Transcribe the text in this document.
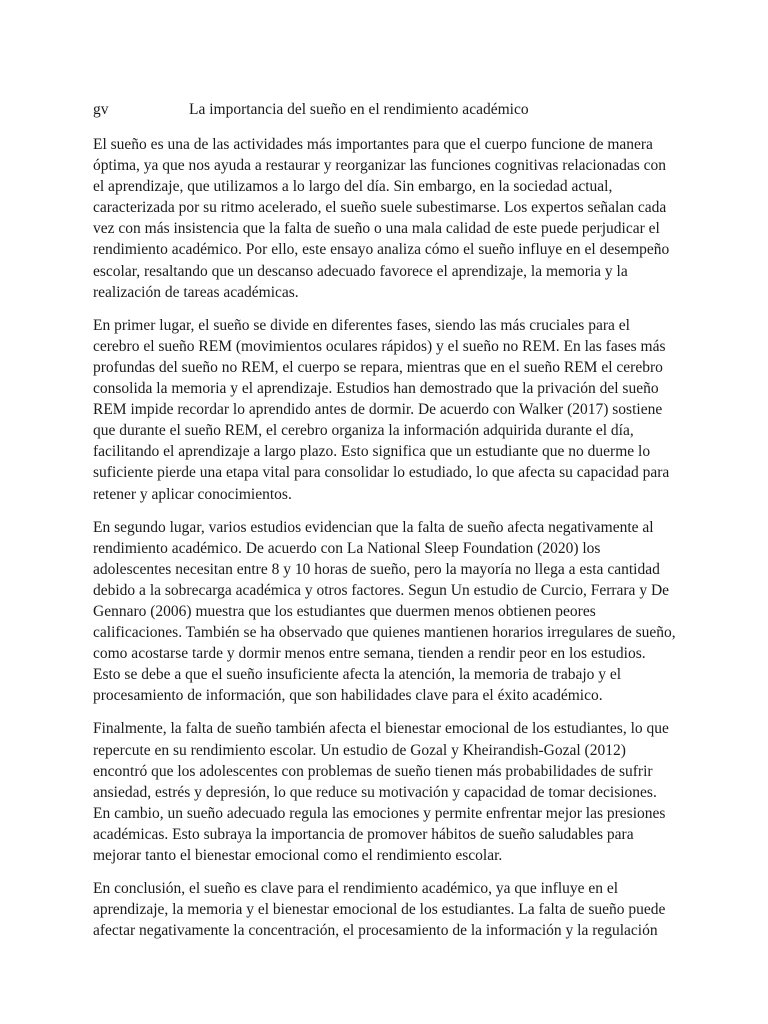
gv	La importancia del sueño en el rendimiento académico

El sueño es una de las actividades más importantes para que el cuerpo funcione de manera
óptima, ya que nos ayuda a restaurar y reorganizar las funciones cognitivas relacionadas con
el aprendizaje, que utilizamos a lo largo del día. Sin embargo, en la sociedad actual,
caracterizada por su ritmo acelerado, el sueño suele subestimarse. Los expertos señalan cada
vez con más insistencia que la falta de sueño o una mala calidad de este puede perjudicar el
rendimiento académico. Por ello, este ensayo analiza cómo el sueño influye en el desempeño
escolar, resaltando que un descanso adecuado favorece el aprendizaje, la memoria y la
realización de tareas académicas.

En primer lugar, el sueño se divide en diferentes fases, siendo las más cruciales para el
cerebro el sueño REM (movimientos oculares rápidos) y el sueño no REM. En las fases más
profundas del sueño no REM, el cuerpo se repara, mientras que en el sueño REM el cerebro
consolida la memoria y el aprendizaje. Estudios han demostrado que la privación del sueño
REM impide recordar lo aprendido antes de dormir. De acuerdo con Walker (2017) sostiene
que durante el sueño REM, el cerebro organiza la información adquirida durante el día,
facilitando el aprendizaje a largo plazo. Esto significa que un estudiante que no duerme lo
suficiente pierde una etapa vital para consolidar lo estudiado, lo que afecta su capacidad para
retener y aplicar conocimientos.

En segundo lugar, varios estudios evidencian que la falta de sueño afecta negativamente al
rendimiento académico. De acuerdo con La National Sleep Foundation (2020) los
adolescentes necesitan entre 8 y 10 horas de sueño, pero la mayoría no llega a esta cantidad
debido a la sobrecarga académica y otros factores. Segun Un estudio de Curcio, Ferrara y De
Gennaro (2006) muestra que los estudiantes que duermen menos obtienen peores
calificaciones. También se ha observado que quienes mantienen horarios irregulares de sueño,
como acostarse tarde y dormir menos entre semana, tienden a rendir peor en los estudios.
Esto se debe a que el sueño insuficiente afecta la atención, la memoria de trabajo y el
procesamiento de información, que son habilidades clave para el éxito académico.

Finalmente, la falta de sueño también afecta el bienestar emocional de los estudiantes, lo que
repercute en su rendimiento escolar. Un estudio de Gozal y Kheirandish-Gozal (2012)
encontró que los adolescentes con problemas de sueño tienen más probabilidades de sufrir
ansiedad, estrés y depresión, lo que reduce su motivación y capacidad de tomar decisiones.
En cambio, un sueño adecuado regula las emociones y permite enfrentar mejor las presiones
académicas. Esto subraya la importancia de promover hábitos de sueño saludables para
mejorar tanto el bienestar emocional como el rendimiento escolar.

En conclusión, el sueño es clave para el rendimiento académico, ya que influye en el
aprendizaje, la memoria y el bienestar emocional de los estudiantes. La falta de sueño puede
afectar negativamente la concentración, el procesamiento de la información y la regulación
